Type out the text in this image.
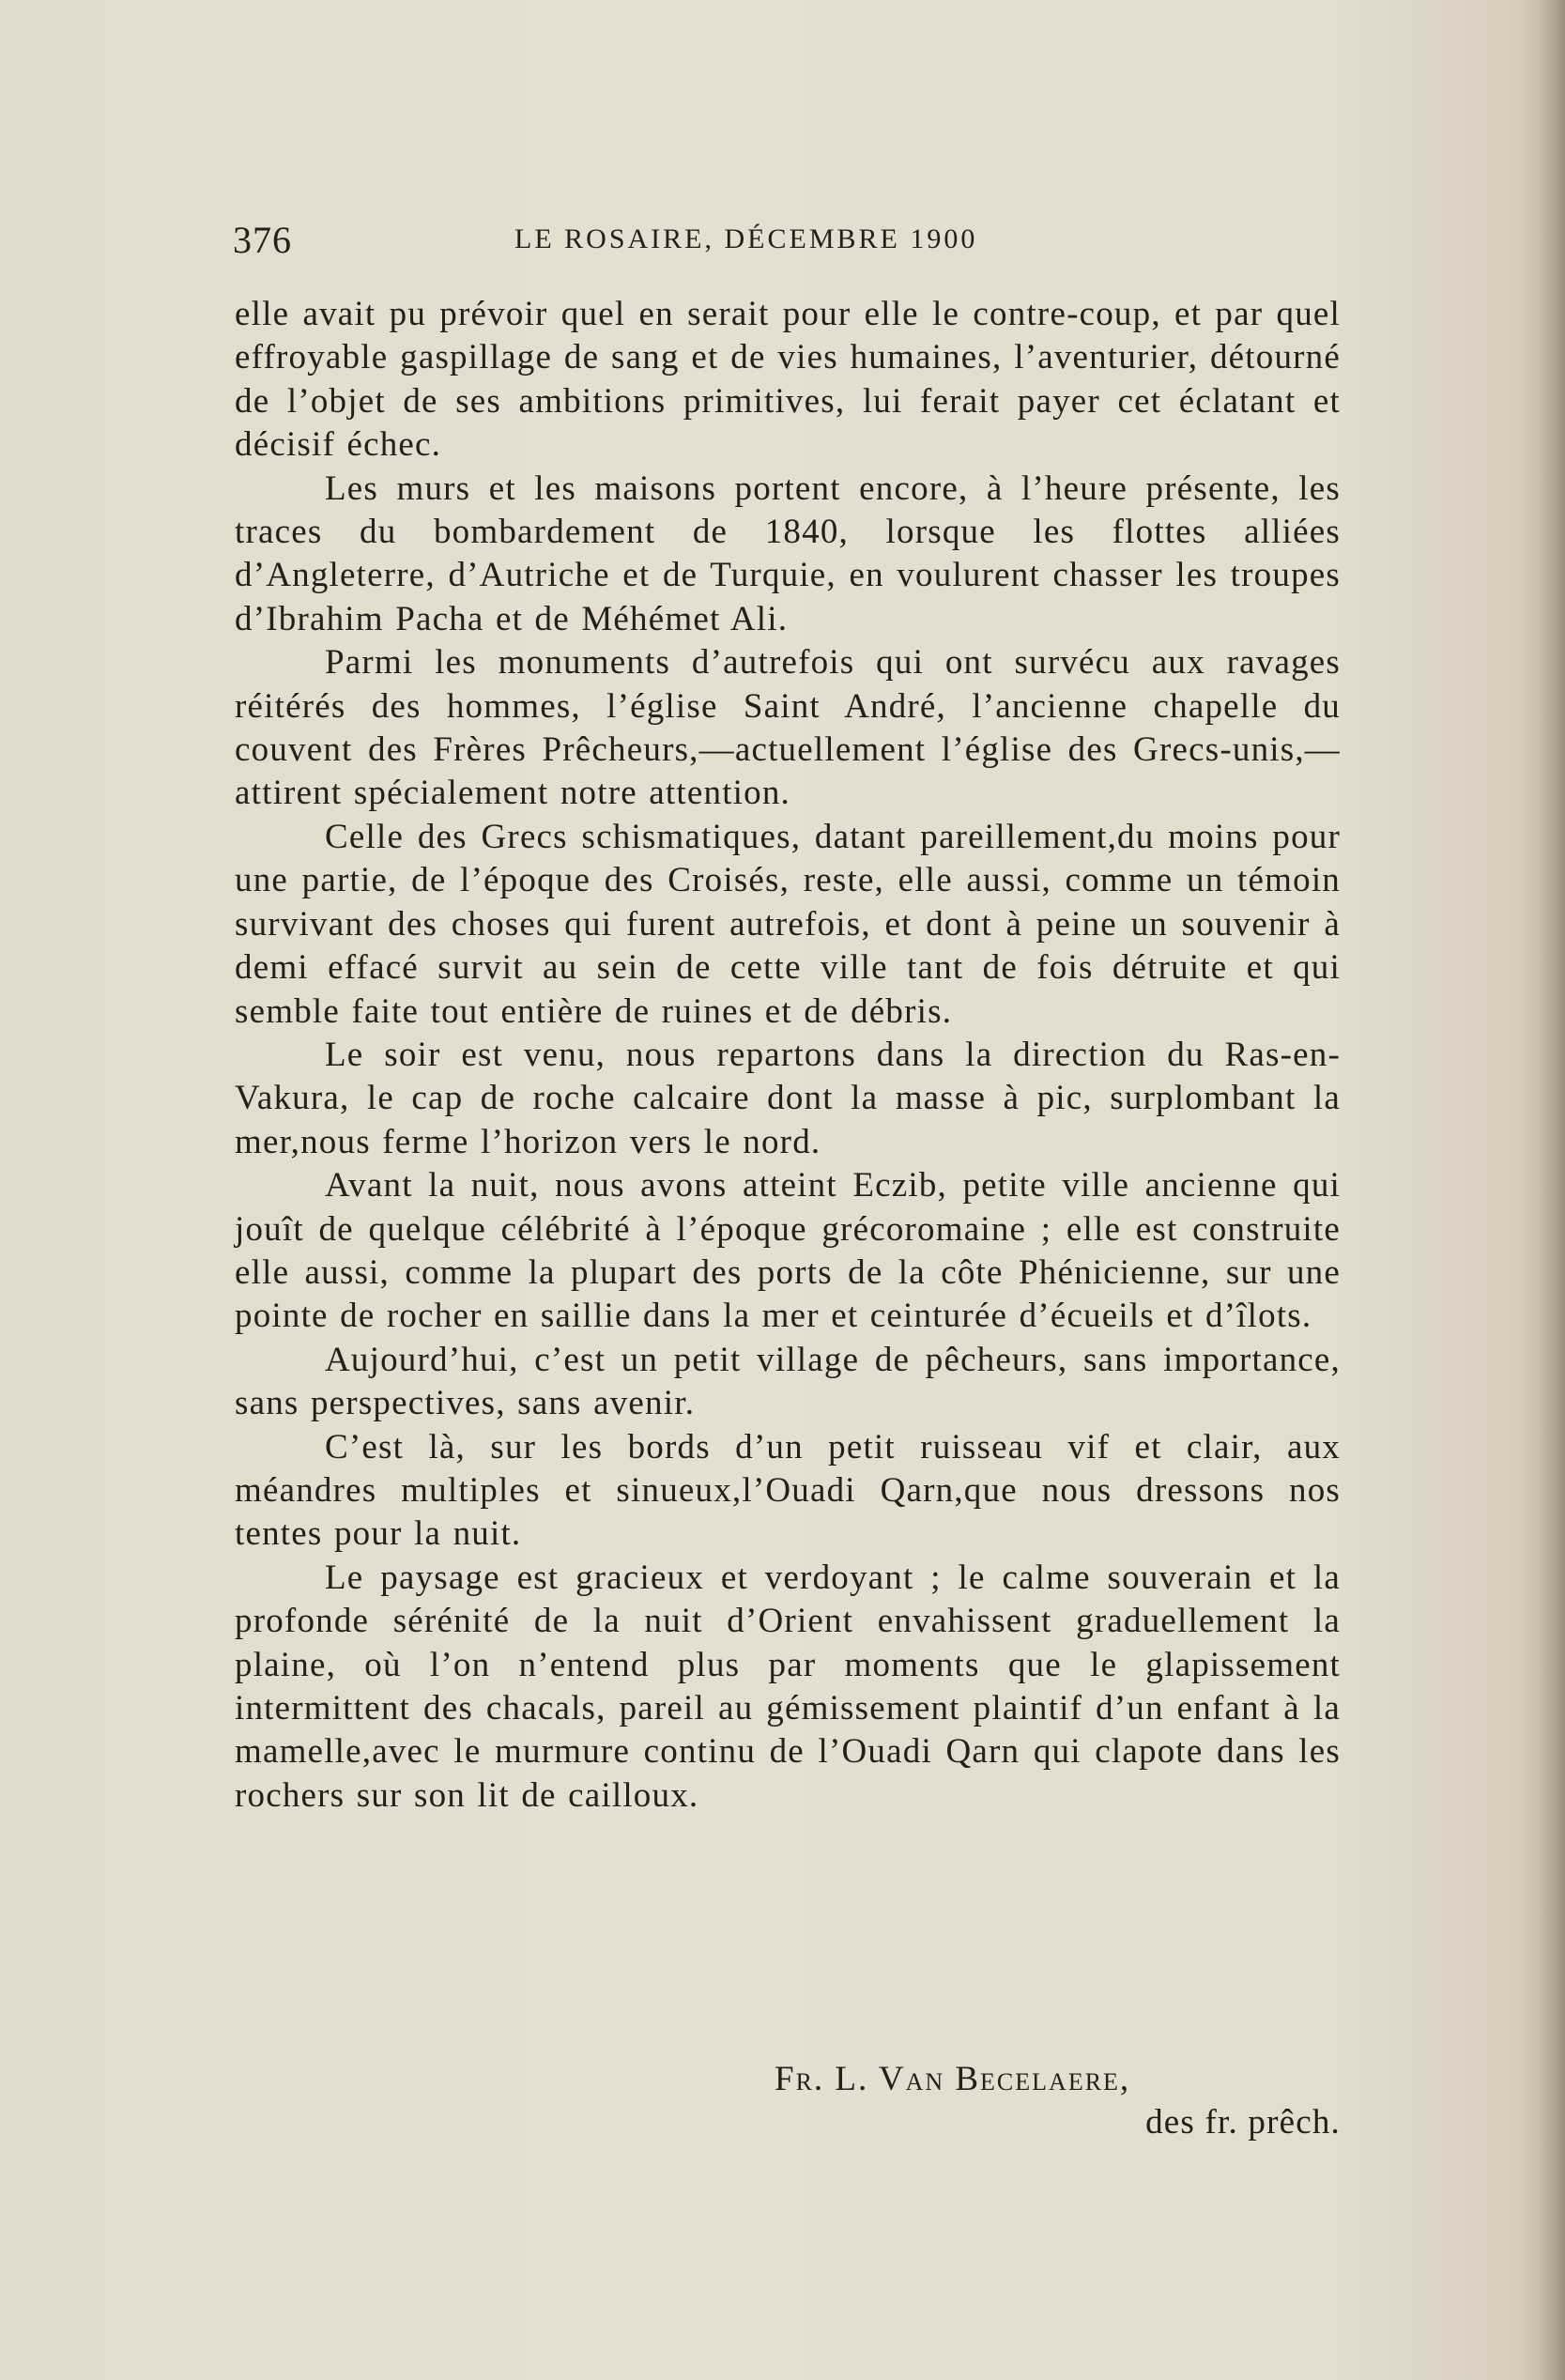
376	LE ROSAIRE, DÉCEMBRE 1900

elle avait pu prévoir quel en serait pour elle le contre-coup, et par quel effroyable gaspillage de sang et de vies humaines, l’aventurier, détourné de l’objet de ses ambitions primitives, lui ferait payer cet éclatant et décisif échec.

Les murs et les maisons portent encore, à l’heure présente, les traces du bombardement de 1840, lorsque les flottes alliées d’Angleterre, d’Autriche et de Turquie, en voulurent chasser les troupes d’Ibrahim Pacha et de Méhémet Ali.

Parmi les monuments d’autrefois qui ont survécu aux ravages réitérés des hommes, l’église Saint André, l’ancienne chapelle du couvent des Frères Prêcheurs,—actuellement l’église des Grecs-unis,—attirent spécialement notre attention.

Celle des Grecs schismatiques, datant pareillement,du moins pour une partie, de l’époque des Croisés, reste, elle aussi, comme un témoin survivant des choses qui furent autrefois, et dont à peine un souvenir à demi effacé survit au sein de cette ville tant de fois détruite et qui semble faite tout entière de ruines et de débris.

Le soir est venu, nous repartons dans la direction du Ras-en-Vakura, le cap de roche calcaire dont la masse à pic, surplombant la mer,nous ferme l’horizon vers le nord.

Avant la nuit, nous avons atteint Eczib, petite ville ancienne qui jouît de quelque célébrité à l’époque grécoromaine ; elle est construite elle aussi, comme la plupart des ports de la côte Phénicienne, sur une pointe de rocher en saillie dans la mer et ceinturée d’écueils et d’îlots.

Aujourd’hui, c’est un petit village de pêcheurs, sans importance, sans perspectives, sans avenir.

C’est là, sur les bords d’un petit ruisseau vif et clair, aux méandres multiples et sinueux,l’Ouadi Qarn,que nous dressons nos tentes pour la nuit.

Le paysage est gracieux et verdoyant ; le calme souverain et la profonde sérénité de la nuit d’Orient envahissent graduellement la plaine, où l’on n’entend plus par moments que le glapissement intermittent des chacals, pareil au gémissement plaintif d’un enfant à la mamelle,avec le murmure continu de l’Ouadi Qarn qui clapote dans les rochers sur son lit de cailloux.

Fr. L. Van Becelaere,

des fr. prêch.
